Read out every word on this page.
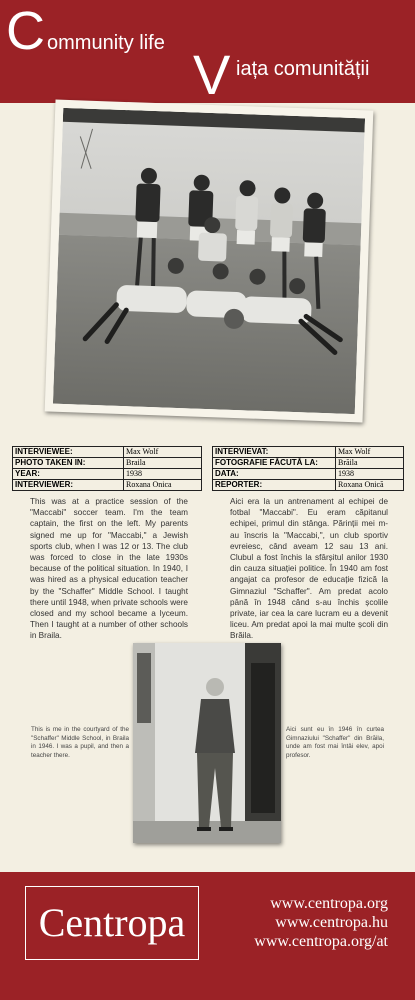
C ommunity life V iața comunității
INTERVIEWEE:	Max Wolf
PHOTO TAKEN IN:	Braila
YEAR:	1938
INTERVIEWER:	Roxana Onica
INTERVIEVAT:	Max Wolf
FOTOGRAFIE FĂCUTĂ LA:	Brăila
DATA:	1938
REPORTER:	Roxana Onică
This was at a practice session of the "Maccabi" soccer team. I'm the team captain, the first on the left. My parents signed me up for "Maccabi," a Jewish sports club, when I was 12 or 13. The club was forced to close in the late 1930s because of the political situation. In 1940, I was hired as a physical education teacher by the "Schaffer" Middle School. I taught there until 1948, when private schools were closed and my school became a lyceum. Then I taught at a number of other schools in Braila.
Aici era la un antrenament al echipei de fotbal "Maccabi". Eu eram căpitanul echipei, primul din stânga. Părinții mei m-au înscris la "Maccabi,", un club sportiv evreiesc, când aveam 12 sau 13 ani. Clubul a fost închis la sfârșitul anilor 1930 din cauza situației politice. În 1940 am fost angajat ca profesor de educație fizică la Gimnaziul "Schaffer". Am predat acolo până în 1948 când s-au închis școlile private, iar cea la care lucram eu a devenit liceu. Am predat apoi la mai multe școli din Brăila.
This is me in the courtyard of the "Schaffer" Middle School, in Braila in 1946. I was a pupil, and then a teacher there.
Aici sunt eu în 1946 în curtea Gimnaziului "Schaffer" din Brăila, unde am fost mai întâi elev, apoi profesor.
Centropa	www.centropa.org
www.centropa.hu
www.centropa.org/at
